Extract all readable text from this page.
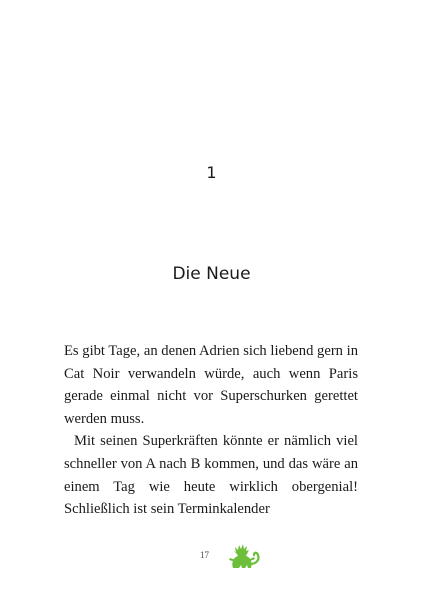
1
Die Neue

Es gibt Tage, an denen Adrien sich liebend gern in Cat Noir verwandeln würde, auch wenn Paris gerade einmal nicht vor Superschurken gerettet werden muss.

Mit seinen Superkräften könnte er nämlich viel schneller von A nach B kommen, und das wäre an einem Tag wie heute wirklich obergenial! Schließlich ist sein Terminkalender

17
